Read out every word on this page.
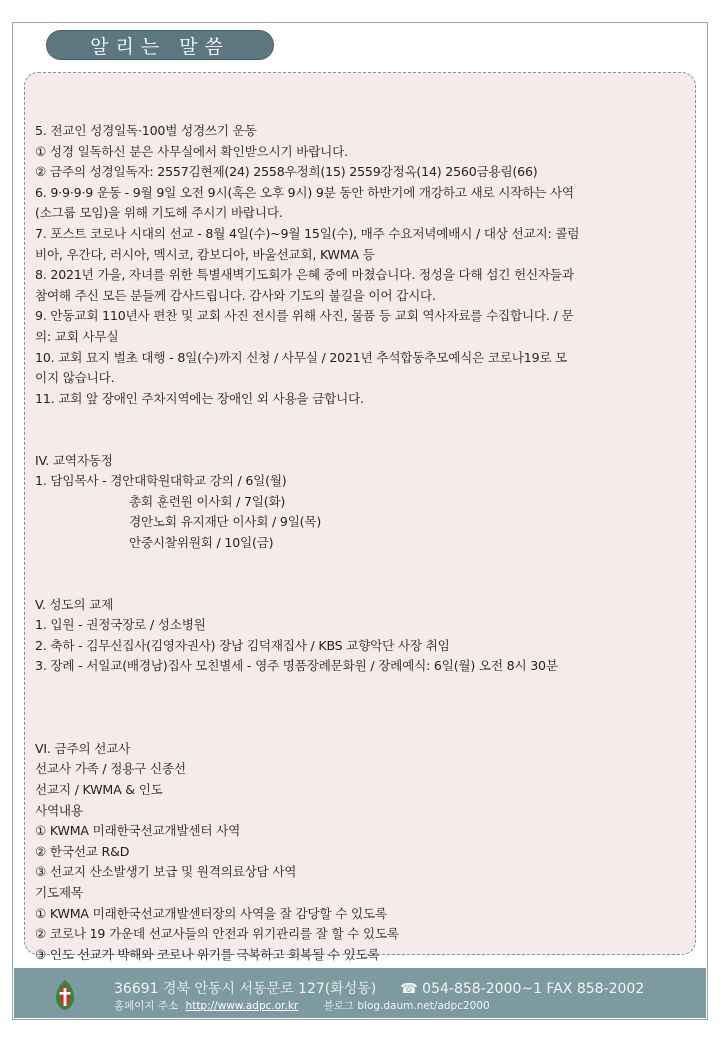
알리는 말씀
5. 전교인 성경일독·100벌 성경쓰기 운동
① 성경 일독하신 분은 사무실에서 확인받으시기 바랍니다.
② 금주의 성경일독자: 2557김현제(24) 2558우정희(15) 2559강정옥(14) 2560금용림(66)
6. 9·9·9·9 운동 - 9월 9일 오전 9시(혹은 오후 9시) 9분 동안 하반기에 개강하고 새로 시작하는 사역
(소그룹 모임)을 위해 기도해 주시기 바랍니다.
7. 포스트 코로나 시대의 선교 - 8월 4일(수)~9월 15일(수), 매주 수요저녁예배시 / 대상 선교지: 콜럼
비아, 우간다, 러시아, 멕시코, 캄보디아, 바울선교회, KWMA 등
8. 2021년 가을, 자녀를 위한 특별새벽기도회가 은혜 중에 마쳤습니다. 정성을 다해 섬긴 헌신자들과
참여해 주신 모든 분들께 감사드립니다. 감사와 기도의 불길을 이어 갑시다.
9. 안동교회 110년사 편찬 및 교회 사진 전시를 위해 사진, 물품 등 교회 역사자료를 수집합니다. / 문
의: 교회 사무실
10. 교회 묘지 벌초 대행 - 8일(수)까지 신청 / 사무실 / 2021년 추석합동추모예식은 코로나19로 모
이지 않습니다.
11. 교회 앞 장애인 주차지역에는 장애인 외 사용을 금합니다.
IV. 교역자동정
1. 담임목사 - 경안대학원대학교 강의 / 6일(월)
총회 훈련원 이사회 / 7일(화)
경안노회 유지재단 이사회 / 9일(목)
안중시찰위원회 / 10일(금)
V. 성도의 교제
1. 입원 - 권정국장로 / 성소병원
2. 축하 - 김무신집사(김영자권사) 장남 김덕재집사 / KBS 교향악단 사장 취임
3. 장례 - 서일교(배경남)집사 모친별세 - 영주 명품장례문화원 / 장례예식: 6일(월) 오전 8시 30분
VI. 금주의 선교사
선교사 가족 / 정용구 신종선
선교지 / KWMA & 인도
사역내용
① KWMA 미래한국선교개발센터 사역
② 한국선교 R&D
③ 선교지 산소발생기 보급 및 원격의료상담 사역
기도제목
① KWMA 미래한국선교개발센터장의 사역을 잘 감당할 수 있도록
② 코로나 19 가운데 선교사들의 안전과 위기관리를 잘 할 수 있도록
③ 인도 선교가 박해와 코로나 위기를 극복하고 회복될 수 있도록
36691 경북 안동시 서동문로 127(화성동) ☎ 054-858-2000~1 FAX 858-2002
홈페이지 주소 http://www.adpc.or.kr 블로그 blog.daum.net/adpc2000
